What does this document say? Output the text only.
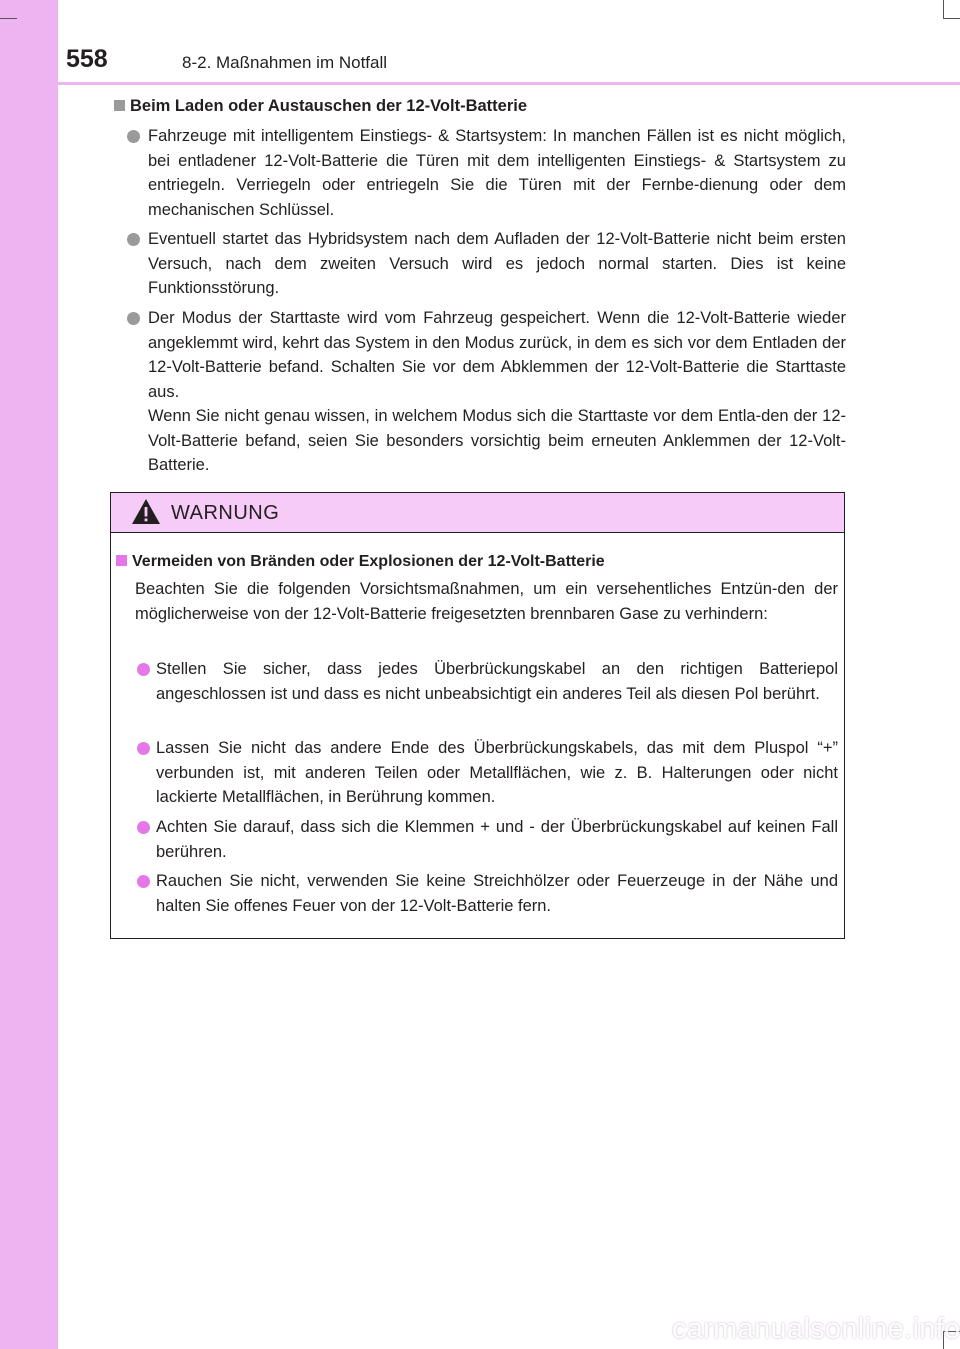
558	8-2. Maßnahmen im Notfall
Beim Laden oder Austauschen der 12-Volt-Batterie
Fahrzeuge mit intelligentem Einstiegs- & Startsystem: In manchen Fällen ist es nicht möglich, bei entladener 12-Volt-Batterie die Türen mit dem intelligenten Einstiegs- & Startsystem zu entriegeln. Verriegeln oder entriegeln Sie die Türen mit der Fernbe-dienung oder dem mechanischen Schlüssel.
Eventuell startet das Hybridsystem nach dem Aufladen der 12-Volt-Batterie nicht beim ersten Versuch, nach dem zweiten Versuch wird es jedoch normal starten. Dies ist keine Funktionsstörung.
Der Modus der Starttaste wird vom Fahrzeug gespeichert. Wenn die 12-Volt-Batterie wieder angeklemmt wird, kehrt das System in den Modus zurück, in dem es sich vor dem Entladen der 12-Volt-Batterie befand. Schalten Sie vor dem Abklemmen der 12-Volt-Batterie die Starttaste aus.
Wenn Sie nicht genau wissen, in welchem Modus sich die Starttaste vor dem Entla-den der 12-Volt-Batterie befand, seien Sie besonders vorsichtig beim erneuten Anklemmen der 12-Volt-Batterie.
WARNUNG
Vermeiden von Bränden oder Explosionen der 12-Volt-Batterie
Beachten Sie die folgenden Vorsichtsmaßnahmen, um ein versehentliches Entzün-den der möglicherweise von der 12-Volt-Batterie freigesetzten brennbaren Gase zu verhindern:
Stellen Sie sicher, dass jedes Überbrückungskabel an den richtigen Batteriepol angeschlossen ist und dass es nicht unbeabsichtigt ein anderes Teil als diesen Pol berührt.
Lassen Sie nicht das andere Ende des Überbrückungskabels, das mit dem Pluspol “+” verbunden ist, mit anderen Teilen oder Metallflächen, wie z. B. Halterungen oder nicht lackierte Metallflächen, in Berührung kommen.
Achten Sie darauf, dass sich die Klemmen + und - der Überbrückungskabel auf keinen Fall berühren.
Rauchen Sie nicht, verwenden Sie keine Streichhölzer oder Feuerzeuge in der Nähe und halten Sie offenes Feuer von der 12-Volt-Batterie fern.
carmanualsonline.info
